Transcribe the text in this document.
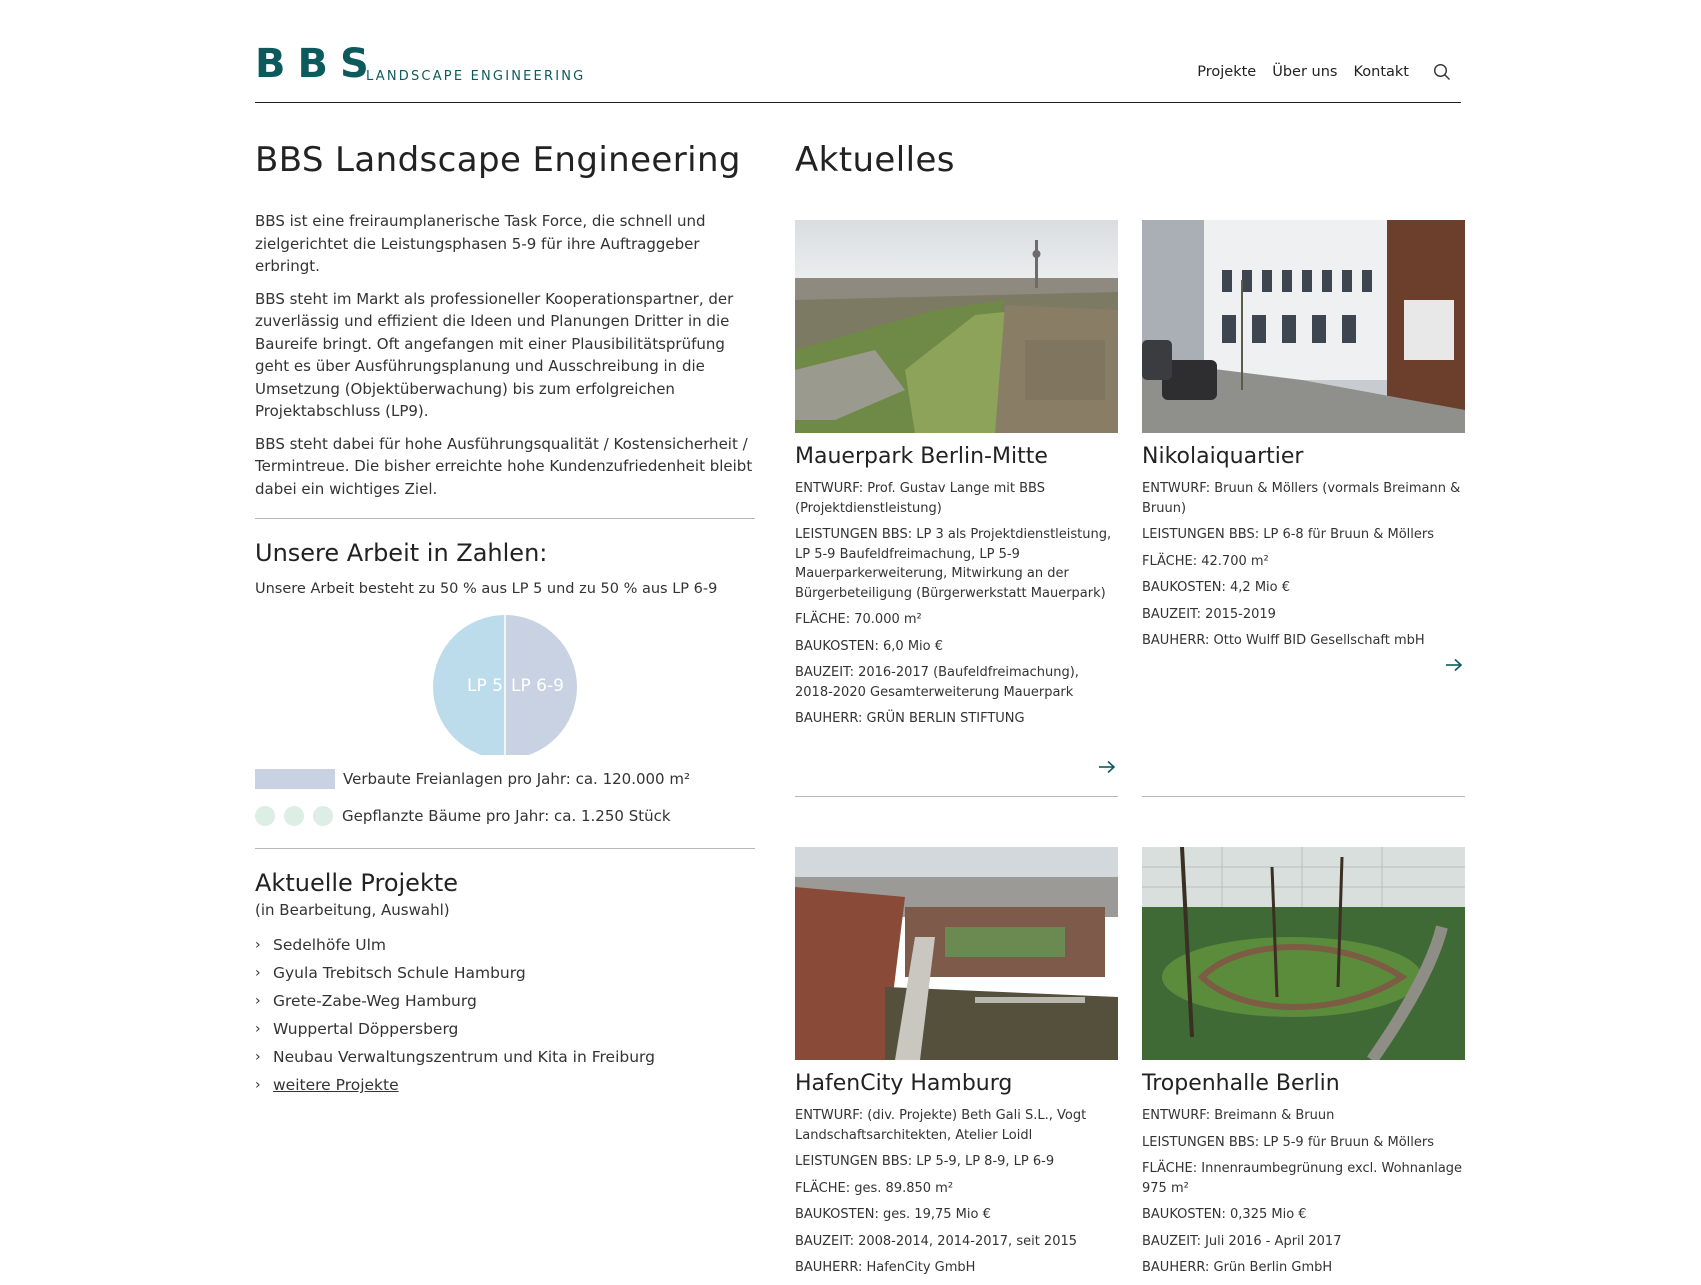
BBS
LANDSCAPE ENGINEERING	Projekte Über uns Kontakt
BBS Landscape Engineering

BBS ist eine freiraumplanerische Task Force, die schnell und zielgerichtet die Leistungsphasen 5-9 für ihre Auftraggeber erbringt.

BBS steht im Markt als professioneller Kooperationspartner, der zuverlässig und effizient die Ideen und Planungen Dritter in die Baureife bringt. Oft angefangen mit einer Plausibilitätsprüfung geht es über Ausführungsplanung und Ausschreibung in die Umsetzung (Objektüberwachung) bis zum erfolgreichen Projektabschluss (LP9).

BBS steht dabei für hohe Ausführungsqualität / Kostensicherheit / Termintreue. Die bisher erreichte hohe Kundenzufriedenheit bleibt dabei ein wichtiges Ziel.

Unsere Arbeit in Zahlen:
Unsere Arbeit besteht zu 50 % aus LP 5 und zu 50 % aus LP 6-9
LP 5 LP 6-9
Verbaute Freianlagen pro Jahr: ca. 120.000 m²
Gepflanzte Bäume pro Jahr: ca. 1.250 Stück
Aktuelle Projekte
(in Bearbeitung, Auswahl)
› Sedelhöfe Ulm
› Gyula Trebitsch Schule Hamburg
› Grete-Zabe-Weg Hamburg
› Wuppertal Döppersberg
› Neubau Verwaltungszentrum und Kita in Freiburg
› weitere Projekte
Aktuelles
Mauerpark Berlin-Mitte
ENTWURF: Prof. Gustav Lange mit BBS (Projektdienstleistung)
LEISTUNGEN BBS: LP 3 als Projektdienstleistung, LP 5-9 Baufeldfreimachung, LP 5-9 Mauerparkerweiterung, Mitwirkung an der Bürgerbeteiligung (Bürgerwerkstatt Mauerpark)
FLÄCHE: 70.000 m²
BAUKOSTEN: 6,0 Mio €
BAUZEIT: 2016-2017 (Baufeldfreimachung), 2018-2020 Gesamterweiterung Mauerpark
BAUHERR: GRÜN BERLIN STIFTUNG
Nikolaiquartier
ENTWURF: Bruun & Möllers (vormals Breimann & Bruun)
LEISTUNGEN BBS: LP 6-8 für Bruun & Möllers
FLÄCHE: 42.700 m²
BAUKOSTEN: 4,2 Mio €
BAUZEIT: 2015-2019
BAUHERR: Otto Wulff BID Gesellschaft mbH
HafenCity Hamburg
ENTWURF: (div. Projekte) Beth Gali S.L., Vogt Landschaftsarchitekten, Atelier Loidl
LEISTUNGEN BBS: LP 5-9, LP 8-9, LP 6-9
FLÄCHE: ges. 89.850 m²
BAUKOSTEN: ges. 19,75 Mio €
BAUZEIT: 2008-2014, 2014-2017, seit 2015
BAUHERR: HafenCity GmbH
Tropenhalle Berlin
ENTWURF: Breimann & Bruun
LEISTUNGEN BBS: LP 5-9 für Bruun & Möllers
FLÄCHE: Innenraumbegrünung excl. Wohnanlage 975 m²
BAUKOSTEN: 0,325 Mio €
BAUZEIT: Juli 2016 - April 2017
BAUHERR: Grün Berlin GmbH
